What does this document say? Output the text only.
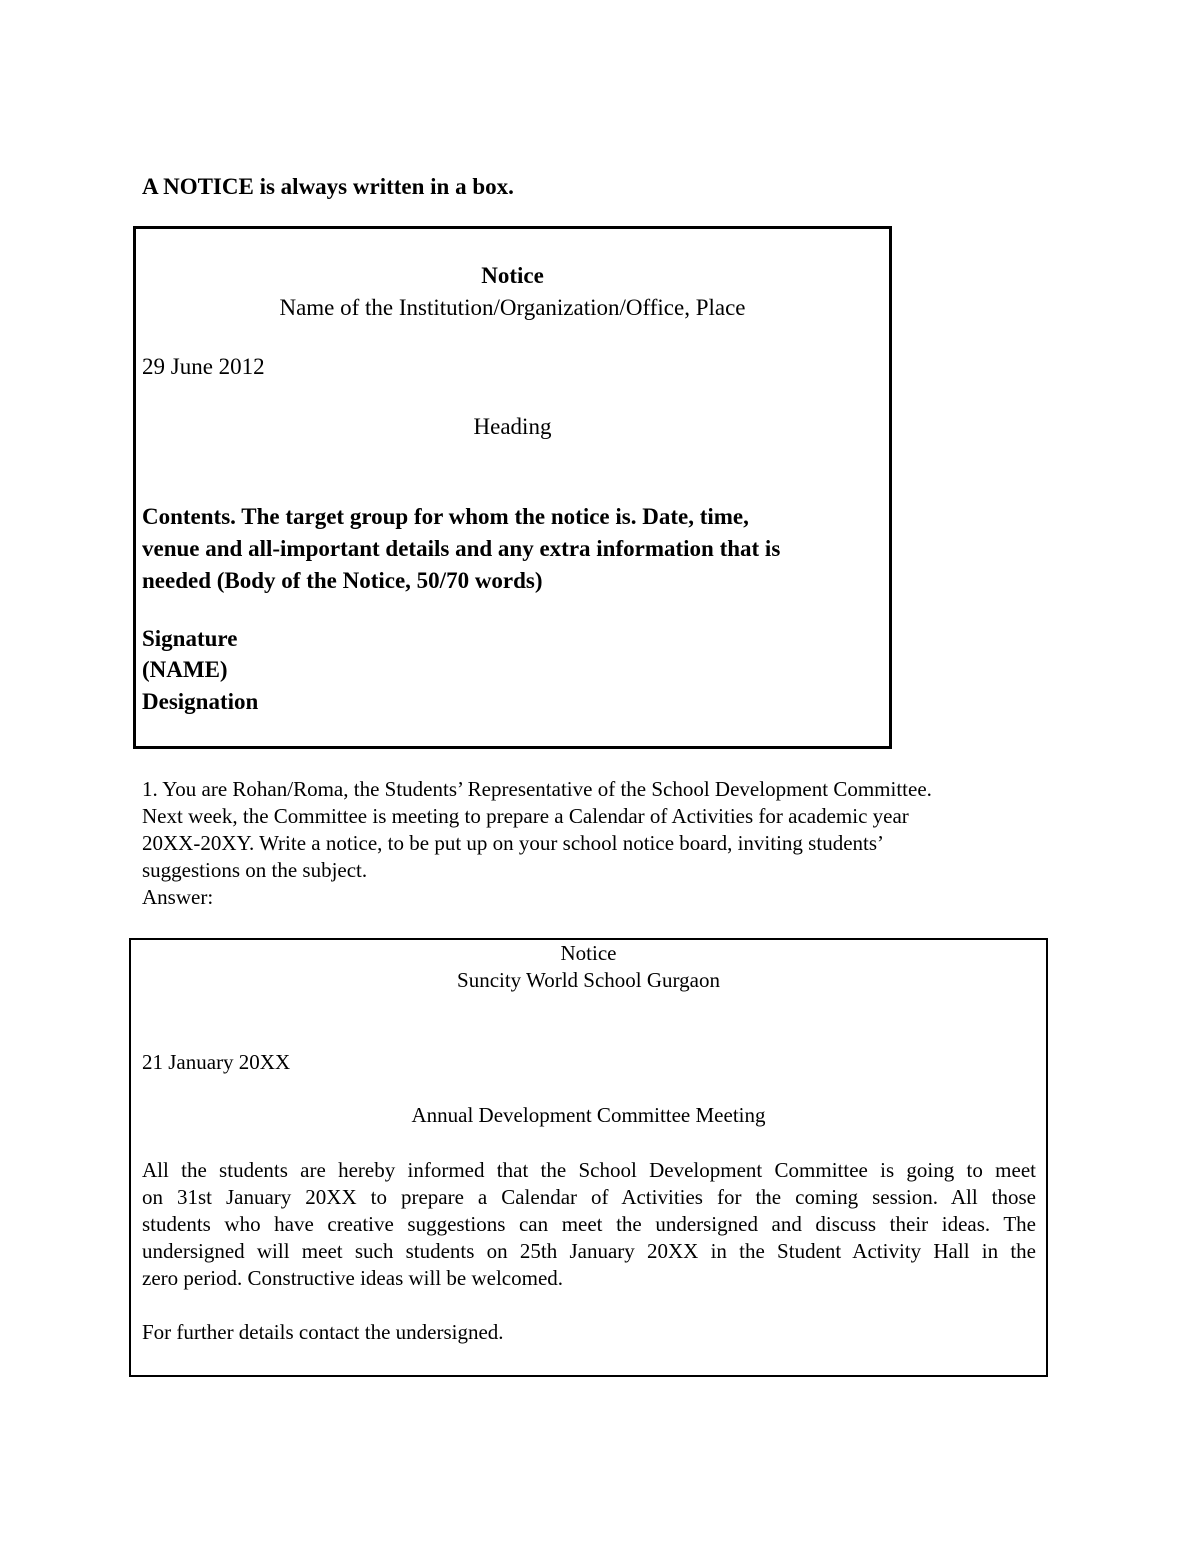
A NOTICE is always written in a box.
Notice
Name of the Institution/Organization/Office, Place
29 June 2012
Heading
Contents. The target group for whom the notice is. Date, time,
venue and all-important details and any extra information that is
needed (Body of the Notice, 50/70 words)
Signature
(NAME)
Designation

1. You are Rohan/Roma, the Students’ Representative of the School Development Committee.

Next week, the Committee is meeting to prepare a Calendar of Activities for academic year

20XX-20XY. Write a notice, to be put up on your school notice board, inviting students’

suggestions on the subject.

Answer:

Notice
Suncity World School Gurgaon
21 January 20XX
Annual Development Committee Meeting
All the students are hereby informed that the School Development Committee is going to meet
on 31st January 20XX to prepare a Calendar of Activities for the coming session. All those
students who have creative suggestions can meet the undersigned and discuss their ideas. The
undersigned will meet such students on 25th January 20XX in the Student Activity Hall in the
zero period. Constructive ideas will be welcomed.
For further details contact the undersigned.
